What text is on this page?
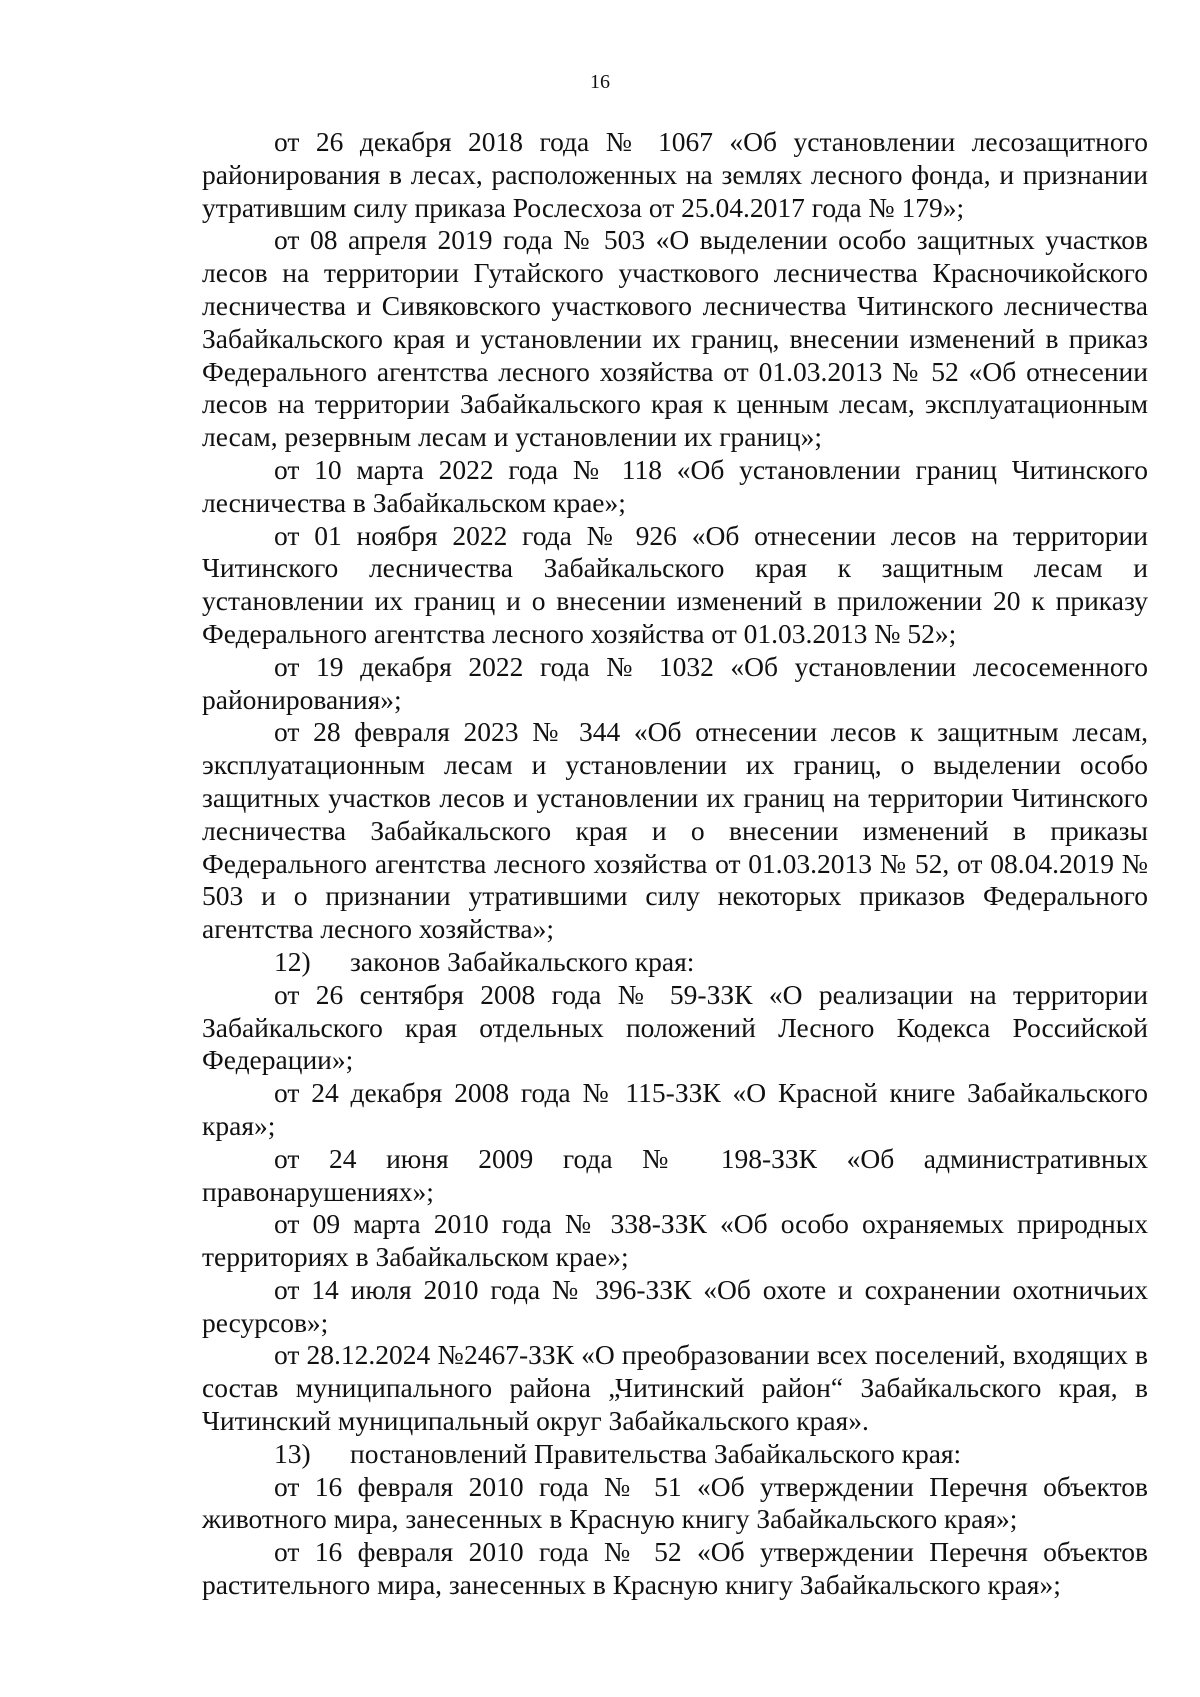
16

от 26 декабря 2018 года № 1067 «Об установлении лесозащитного районирования в лесах, расположенных на землях лесного фонда, и признании утратившим силу приказа Рослесхоза от 25.04.2017 года № 179»;

от 08 апреля 2019 года № 503 «О выделении особо защитных участков лесов на территории Гутайского участкового лесничества Красночикойского лесничества и Сивяковского участкового лесничества Читинского лесничества Забайкальского края и установлении их границ, внесении изменений в приказ Федерального агентства лесного хозяйства от 01.03.2013 № 52 «Об отнесении лесов на территории Забайкальского края к ценным лесам, эксплуатационным лесам, резервным лесам и установлении их границ»;

от 10 марта 2022 года № 118 «Об установлении границ Читинского лесничества в Забайкальском крае»;

от 01 ноября 2022 года № 926 «Об отнесении лесов на территории Читинского лесничества Забайкальского края к защитным лесам и установлении их границ и о внесении изменений в приложении 20 к приказу Федерального агентства лесного хозяйства от 01.03.2013 № 52»;

от 19 декабря 2022 года № 1032 «Об установлении лесосеменного районирования»;

от 28 февраля 2023 № 344 «Об отнесении лесов к защитным лесам, эксплуатационным лесам и установлении их границ, о выделении особо защитных участков лесов и установлении их границ на территории Читинского лесничества Забайкальского края и о внесении изменений в приказы Федерального агентства лесного хозяйства от 01.03.2013 № 52, от 08.04.2019 № 503 и о признании утратившими силу некоторых приказов Федерального агентства лесного хозяйства»;

12) законов Забайкальского края:

от 26 сентября 2008 года № 59-ЗЗК «О реализации на территории Забайкальского края отдельных положений Лесного Кодекса Российской Федерации»;

от 24 декабря 2008 года № 115-ЗЗК «О Красной книге Забайкальского края»;

от 24 июня 2009 года № 198-ЗЗК «Об административных правонарушениях»;

от 09 марта 2010 года № 338-ЗЗК «Об особо охраняемых природных территориях в Забайкальском крае»;

от 14 июля 2010 года № 396-ЗЗК «Об охоте и сохранении охотничьих ресурсов»;

от 28.12.2024 №2467-ЗЗК «О преобразовании всех поселений, входящих в состав муниципального района „Читинский район“ Забайкальского края, в Читинский муниципальный округ Забайкальского края».

13) постановлений Правительства Забайкальского края:

от 16 февраля 2010 года № 51 «Об утверждении Перечня объектов животного мира, занесенных в Красную книгу Забайкальского края»;

от 16 февраля 2010 года № 52 «Об утверждении Перечня объектов растительного мира, занесенных в Красную книгу Забайкальского края»;
